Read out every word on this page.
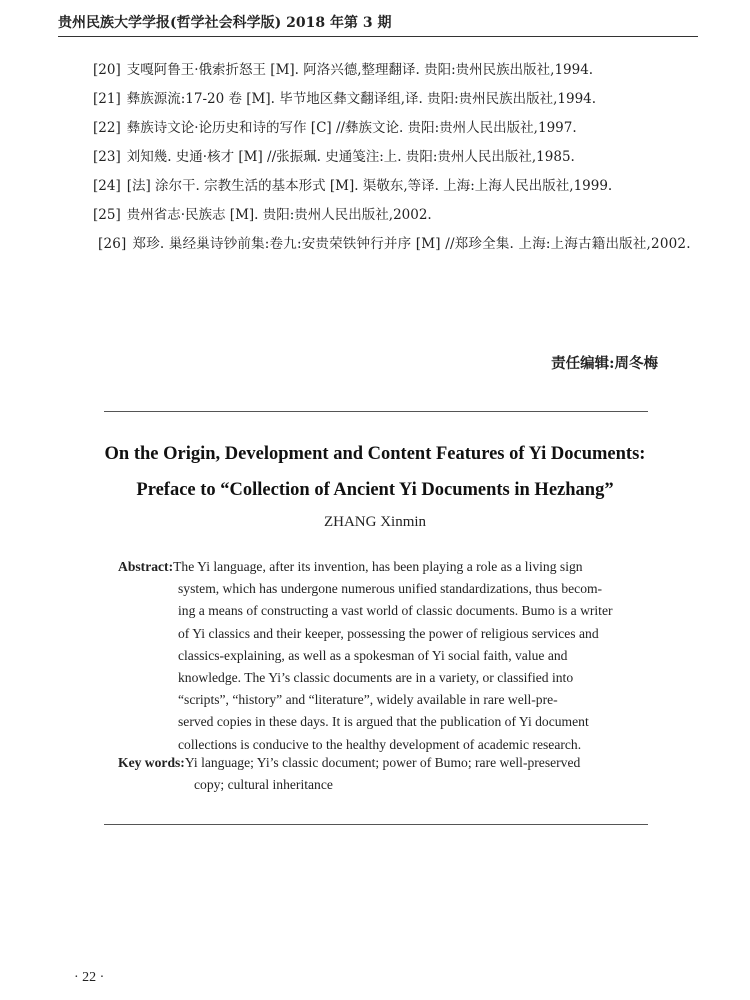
贵州民族大学学报(哲学社会科学版) 2018 年第 3 期
[20] 支嘎阿鲁王·俄索折怒王 [M]. 阿洛兴德,整理翻译. 贵阳:贵州民族出版社,1994.
[21] 彝族源流:17-20 卷 [M]. 毕节地区彝文翻译组,译. 贵阳:贵州民族出版社,1994.
[22] 彝族诗文论·论历史和诗的写作 [C] //彝族文论. 贵阳:贵州人民出版社,1997.
[23] 刘知幾. 史通·核才 [M] //张振珮. 史通笺注:上. 贵阳:贵州人民出版社,1985.
[24] [法] 涂尔干. 宗教生活的基本形式 [M]. 渠敬东,等译. 上海:上海人民出版社,1999.
[25] 贵州省志·民族志 [M]. 贵阳:贵州人民出版社,2002.
[26] 郑珍. 巢经巢诗钞前集:卷九:安贵荣铁钟行并序 [M] //郑珍全集. 上海:上海古籍出版社,2002.
责任编辑:周冬梅
On the Origin, Development and Content Features of Yi Documents:
Preface to “Collection of Ancient Yi Documents in Hezhang”
ZHANG Xinmin
Abstract:The Yi language, after its invention, has been playing a role as a living sign
system, which has undergone numerous unified standardizations, thus becom-
ing a means of constructing a vast world of classic documents. Bumo is a writer
of Yi classics and their keeper, possessing the power of religious services and
classics-explaining, as well as a spokesman of Yi social faith, value and
knowledge. The Yi’s classic documents are in a variety, or classified into
“scripts”, “history” and “literature”, widely available in rare well-pre-
served copies in these days. It is argued that the publication of Yi document
collections is conducive to the healthy development of academic research.
Key words:Yi language; Yi’s classic document; power of Bumo; rare well-preserved
copy; cultural inheritance
· 22 ·
